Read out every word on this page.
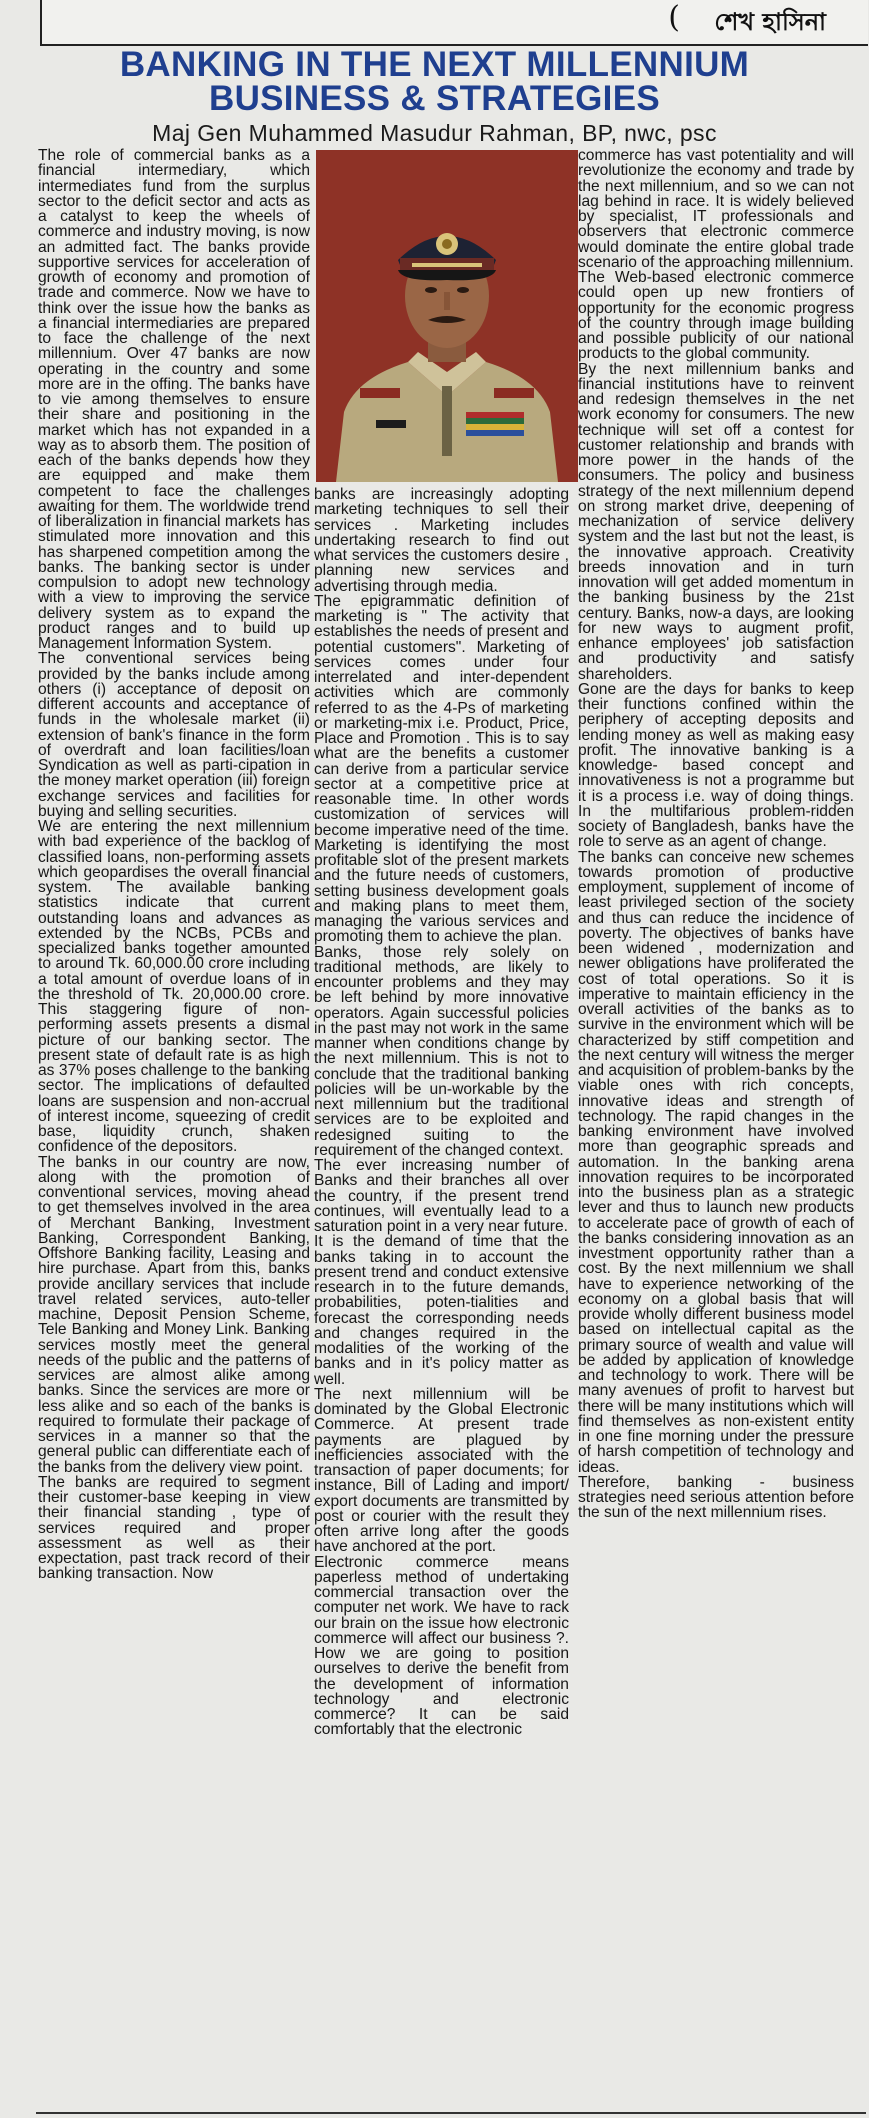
( শেখ হাসিনা
BANKING IN THE NEXT MILLENNIUM
BUSINESS & STRATEGIES
Maj Gen Muhammed Masudur Rahman, BP, nwc, psc

The role of commercial banks as a financial intermediary, which intermediates fund from the surplus sector to the deficit sector and acts as a catalyst to keep the wheels of commerce and industry moving, is now an admitted fact. The banks provide supportive services for acceleration of growth of economy and promotion of trade and commerce. Now we have to think over the issue how the banks as a financial intermediaries are prepared to face the challenge of the next millennium. Over 47 banks are now operating in the country and some more are in the offing. The banks have to vie among themselves to ensure their share and positioning in the market which has not expanded in a way as to absorb them. The position of each of the banks depends how they are equipped and make them competent to face the challenges awaiting for them. The worldwide trend of liberalization in financial markets has stimulated more innovation and this has sharpened competition among the banks. The banking sector is under compulsion to adopt new technology with a view to improving the service delivery system as to expand the product ranges and to build up Management Information System.

The conventional services being provided by the banks include among others (i) acceptance of deposit on different accounts and acceptance of funds in the wholesale market (ii) extension of bank's finance in the form of overdraft and loan facilities/loan Syndication as well as parti-cipation in the money market operation (iii) foreign exchange services and facilities for buying and selling securities.

We are entering the next millennium with bad experience of the backlog of classified loans, non-performing assets which geopardises the overall financial system. The available banking statistics indicate that current outstanding loans and advances as extended by the NCBs, PCBs and specialized banks together amounted to around Tk. 60,000.00 crore including a total amount of overdue loans of in the threshold of Tk. 20,000.00 crore. This staggering figure of non-performing assets presents a dismal picture of our banking sector. The present state of default rate is as high as 37% poses challenge to the banking sector. The implications of defaulted loans are suspension and non-accrual of interest income, squeezing of credit base, liquidity crunch, shaken confidence of the depositors.

The banks in our country are now, along with the promotion of conventional services, moving ahead to get themselves involved in the area of Merchant Banking, Investment Banking, Correspondent Banking, Offshore Banking facility, Leasing and hire purchase. Apart from this, banks provide ancillary services that include travel related services, auto-teller machine, Deposit Pension Scheme, Tele Banking and Money Link. Banking services mostly meet the general needs of the public and the patterns of services are almost alike among banks. Since the services are more or less alike and so each of the banks is required to formulate their package of services in a manner so that the general public can differentiate each of the banks from the delivery view point.

The banks are required to segment their customer-base keeping in view their financial standing , type of services required and proper assessment as well as their expectation, past track record of their banking transaction. Now

banks are increasingly adopting marketing techniques to sell their services . Marketing includes undertaking research to find out what services the customers desire , planning new services and advertising through media.

The epigrammatic definition of marketing is " The activity that establishes the needs of present and potential customers". Marketing of services comes under four interrelated and inter-dependent activities which are commonly referred to as the 4-Ps of marketing or marketing-mix i.e. Product, Price, Place and Promotion . This is to say what are the benefits a customer can derive from a particular service sector at a competitive price at reasonable time. In other words customization of services will become imperative need of the time. Marketing is identifying the most profitable slot of the present markets and the future needs of customers, setting business development goals and making plans to meet them, managing the various services and promoting them to achieve the plan.

Banks, those rely solely on traditional methods, are likely to encounter problems and they may be left behind by more innovative operators. Again successful policies in the past may not work in the same manner when conditions change by the next millennium. This is not to conclude that the traditional banking policies will be un-workable by the next millennium but the traditional services are to be exploited and redesigned suiting to the requirement of the changed context.

The ever increasing number of Banks and their branches all over the country, if the present trend continues, will eventually lead to a saturation point in a very near future.

It is the demand of time that the banks taking in to account the present trend and conduct extensive research in to the future demands, probabilities, poten-tialities and forecast the corresponding needs and changes required in the modalities of the working of the banks and in it's policy matter as well.

The next millennium will be dominated by the Global Electronic Commerce. At present trade payments are plagued by inefficiencies associated with the transaction of paper documents; for instance, Bill of Lading and import/ export documents are transmitted by post or courier with the result they often arrive long after the goods have anchored at the port.

Electronic commerce means paperless method of undertaking commercial transaction over the computer net work. We have to rack our brain on the issue how electronic commerce will affect our business ?. How we are going to position ourselves to derive the benefit from the development of information technology and electronic commerce? It can be said comfortably that the electronic

commerce has vast potentiality and will revolutionize the economy and trade by the next millennium, and so we can not lag behind in race. It is widely believed by specialist, IT professionals and observers that electronic commerce would dominate the entire global trade scenario of the approaching millennium.

The Web-based electronic commerce could open up new frontiers of opportunity for the economic progress of the country through image building and possible publicity of our national products to the global community.

By the next millennium banks and financial institutions have to reinvent and redesign themselves in the net work economy for consumers. The new technique will set off a contest for customer relationship and brands with more power in the hands of the consumers. The policy and business strategy of the next millennium depend on strong market drive, deepening of mechanization of service delivery system and the last but not the least, is the innovative approach. Creativity breeds innovation and in turn innovation will get added momentum in the banking business by the 21st century. Banks, now-a days, are looking for new ways to augment profit, enhance employees' job satisfaction and productivity and satisfy shareholders.

Gone are the days for banks to keep their functions confined within the periphery of accepting deposits and lending money as well as making easy profit. The innovative banking is a knowledge- based concept and innovativeness is not a programme but it is a process i.e. way of doing things. In the multifarious problem-ridden society of Bangladesh, banks have the role to serve as an agent of change.

The banks can conceive new schemes towards promotion of productive employment, supplement of income of least privileged section of the society and thus can reduce the incidence of poverty. The objectives of banks have been widened , modernization and newer obligations have proliferated the cost of total operations. So it is imperative to maintain efficiency in the overall activities of the banks as to survive in the environment which will be characterized by stiff competition and the next century will witness the merger and acquisition of problem-banks by the viable ones with rich concepts, innovative ideas and strength of technology. The rapid changes in the banking environment have involved more than geographic spreads and automation. In the banking arena innovation requires to be incorporated into the business plan as a strategic lever and thus to launch new products to accelerate pace of growth of each of the banks considering innovation as an investment opportunity rather than a cost. By the next millennium we shall have to experience networking of the economy on a global basis that will provide wholly different business model based on intellectual capital as the primary source of wealth and value will be added by application of knowledge and technology to work. There will be many avenues of profit to harvest but there will be many institutions which will find themselves as non-existent entity in one fine morning under the pressure of harsh competition of technology and ideas.

Therefore, banking - business strategies need serious attention before the sun of the next millennium rises.
